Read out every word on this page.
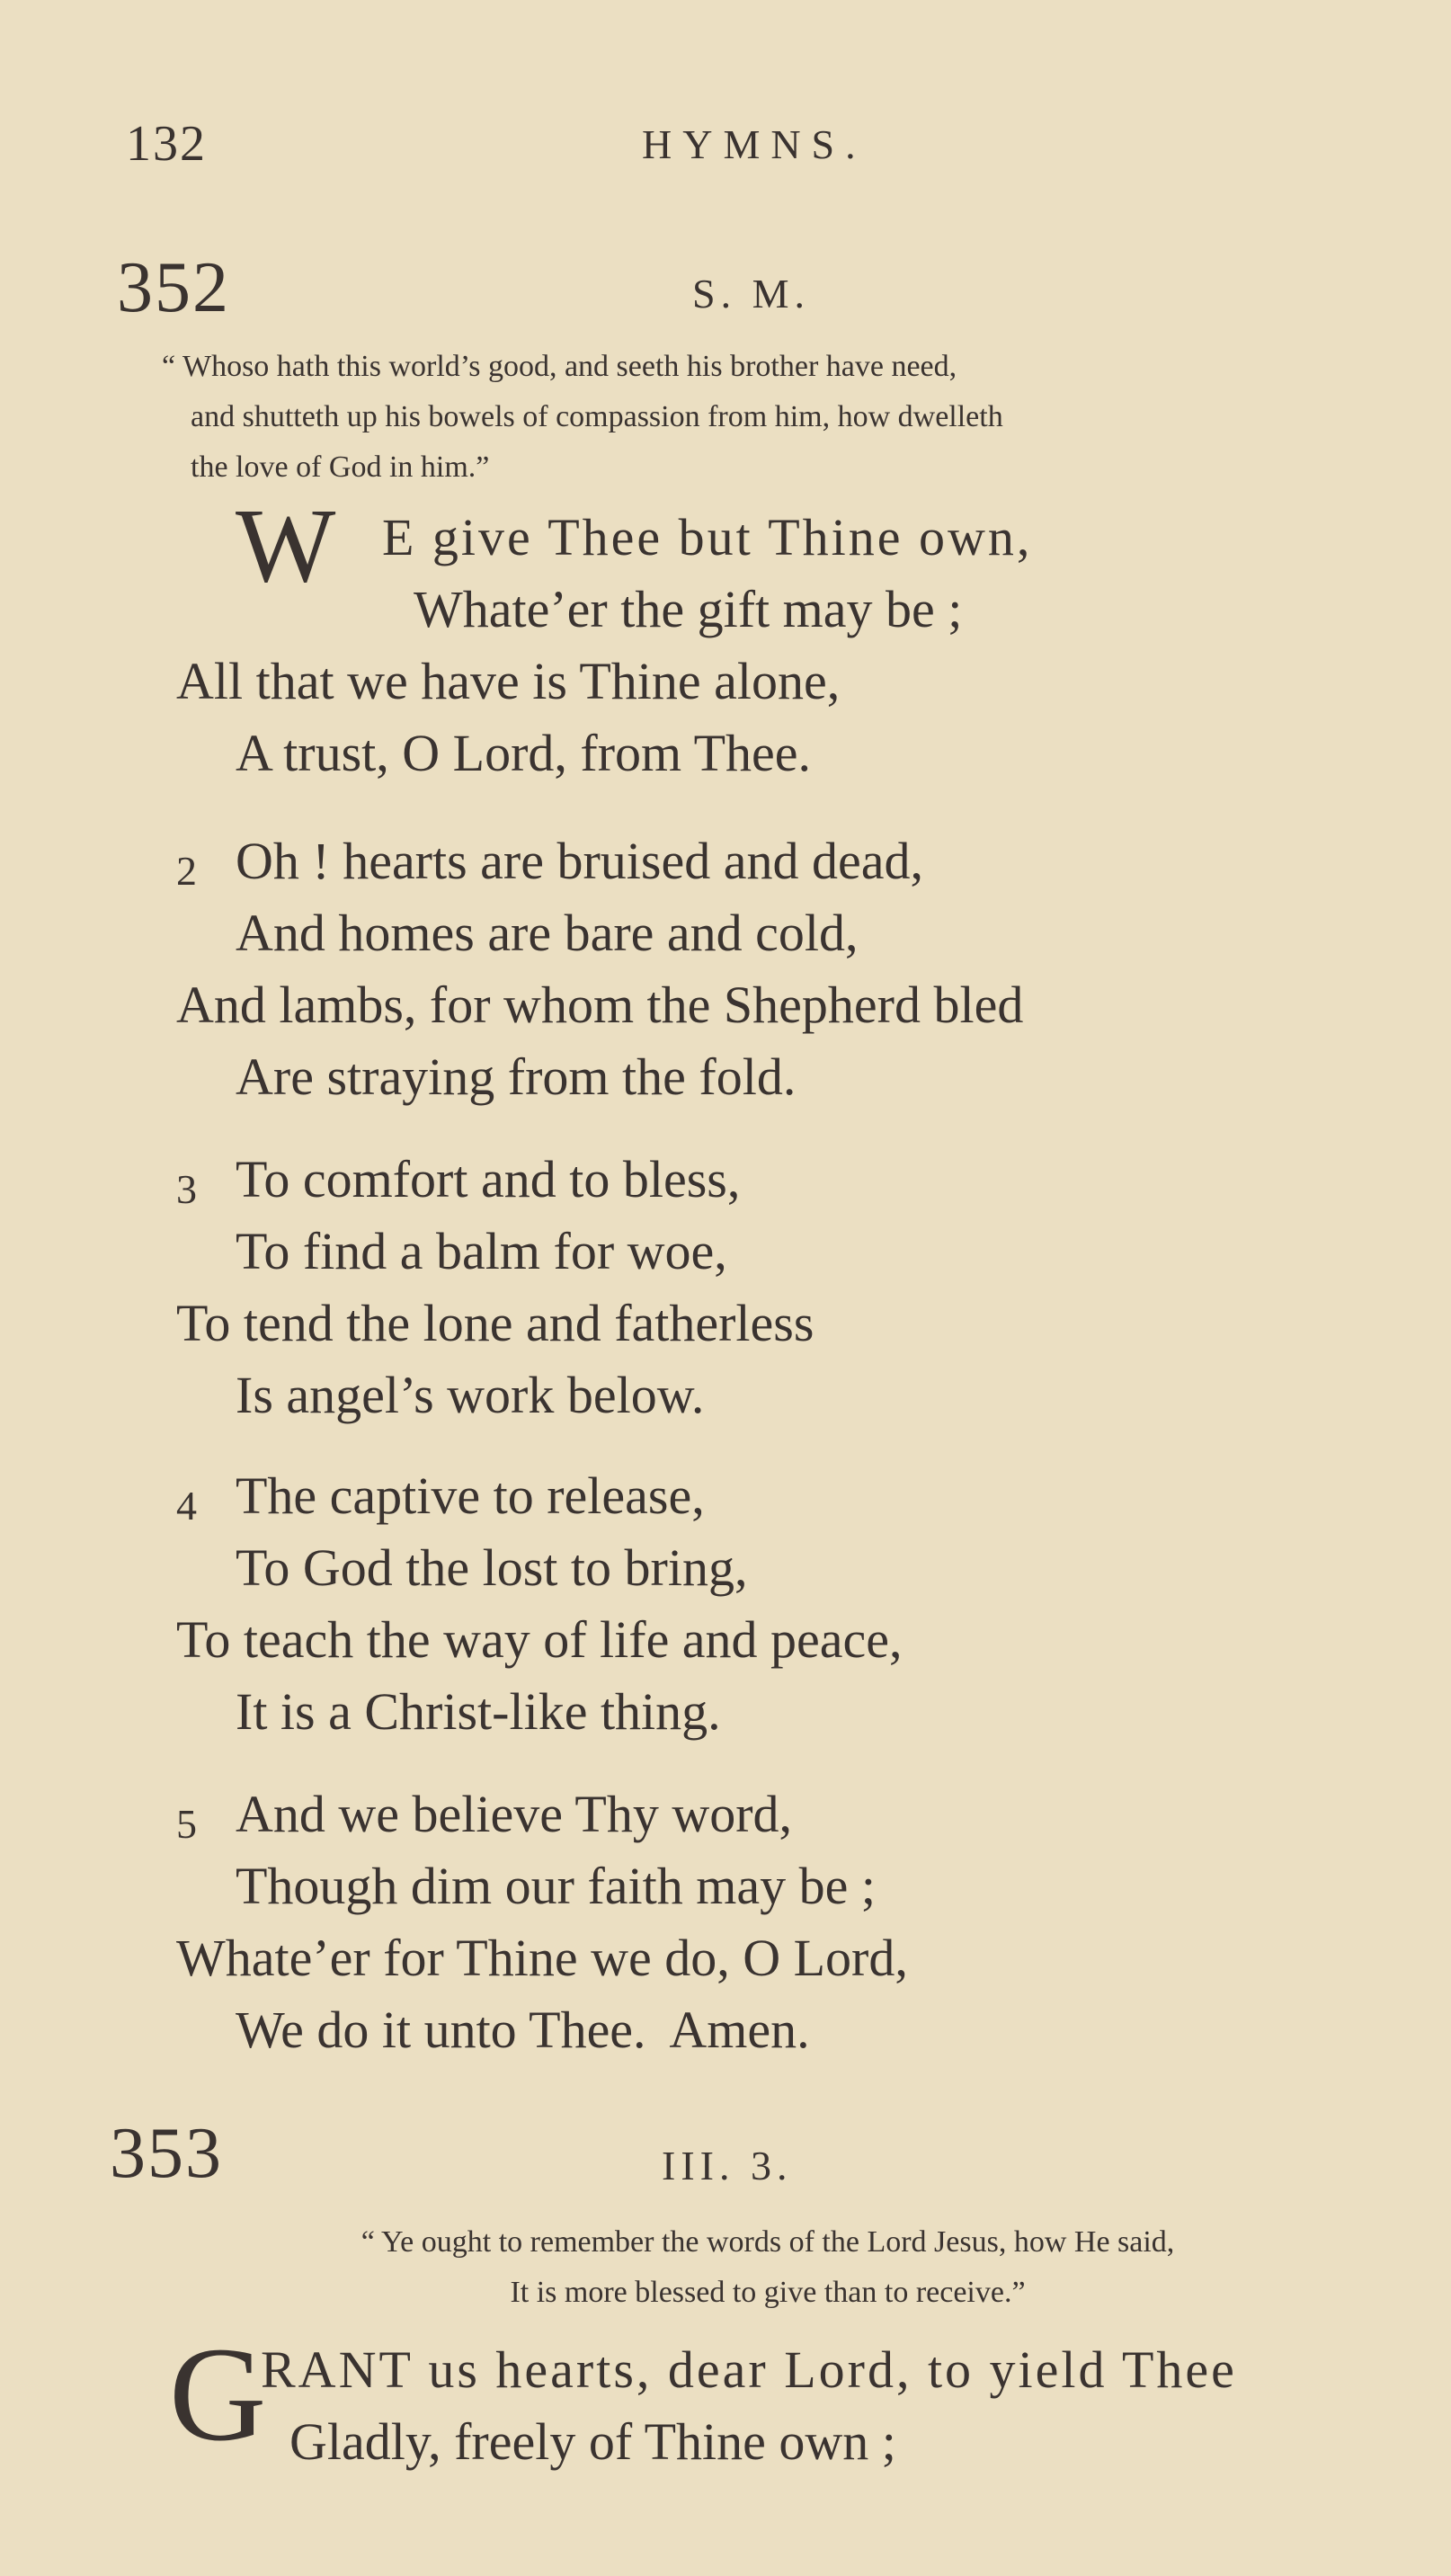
132	HYMNS.
352	S. M.
“ Whoso hath this world’s good, and seeth his brother have need,
and shutteth up his bowels of compassion from him, how dwelleth
the love of God in him.”
W E give Thee but Thine own,
Whate’er the gift may be ;
All that we have is Thine alone,
A trust, O Lord, from Thee.
2 Oh ! hearts are bruised and dead,
And homes are bare and cold,
And lambs, for whom the Shepherd bled
Are straying from the fold.
3 To comfort and to bless,
To find a balm for woe,
To tend the lone and fatherless
Is angel’s work below.
4 The captive to release,
To God the lost to bring,
To teach the way of life and peace,
It is a Christ-like thing.
5 And we believe Thy word,
Though dim our faith may be ;
Whate’er for Thine we do, O Lord,
We do it unto Thee.  Amen.
353	III. 3.
“ Ye ought to remember the words of the Lord Jesus, how He said,
It is more blessed to give than to receive.”
G
RANT us hearts, dear Lord, to yield Thee
Gladly, freely of Thine own ;
